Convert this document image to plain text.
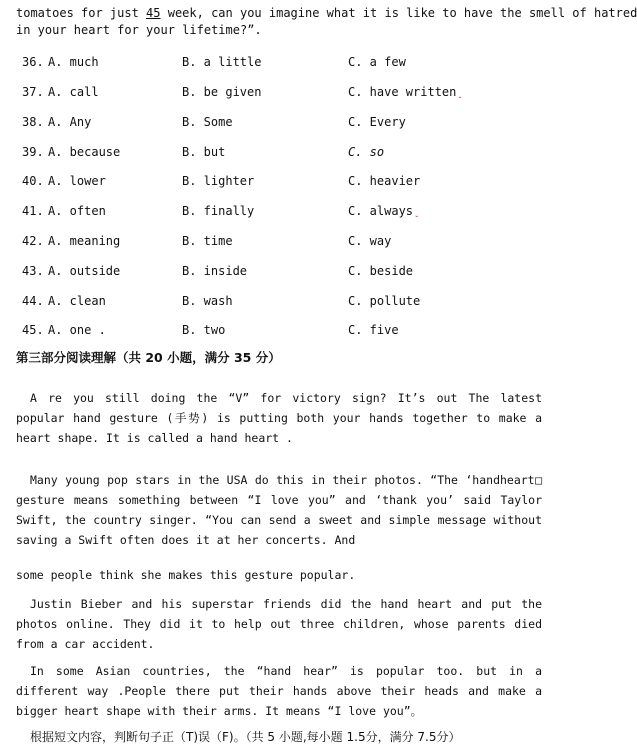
tomatoes for just 45 week, can you imagine what it is like to have the smell of hatred
in your heart for your lifetime?”.
36. A. much	B. a little	C. a few
37. A. call	B. be given	C. have writtenˬ
38. A. Any	B. Some	C. Every
39. A. because	B. but	C. so
40. A. lower	B. lighter	C. heavier
41. A. often	B. finally	C. alwaysˬ
42. A. meaning	B. time	C. way
43. A. outside	B. inside	C. beside
44. A. clean	B. wash	C. pollute
45. A. one .	B. two	C. five
第三部分阅读理解（共 20 小题，满分 35 分）
A re you still doing the “V” for victory sign? It’s out The latest popular hand gesture (手势) is putting both your hands together to make a heart shape. It is called a hand heart .
Many young pop stars in the USA do this in their photos. “The ‘handheart□ gesture means something between “I love you” and ‘thank you’ said Taylor Swift, the country singer. “You can send a sweet and simple message without saving a Swift often does it at her concerts. And
some people think she makes this gesture popular.
Justin Bieber and his superstar friends did the hand heart and put the photos online. They did it to help out three children, whose parents died from a car accident.
In some Asian countries, the “hand hear” is popular too. but in a different way .People there put their hands above their heads and make a bigger heart shape with their arms. It means “I love you”。
根据短文内容，判断句子正（T)误（F)。（共 5 小题,每小题 1.5分，满分 7.5分）
